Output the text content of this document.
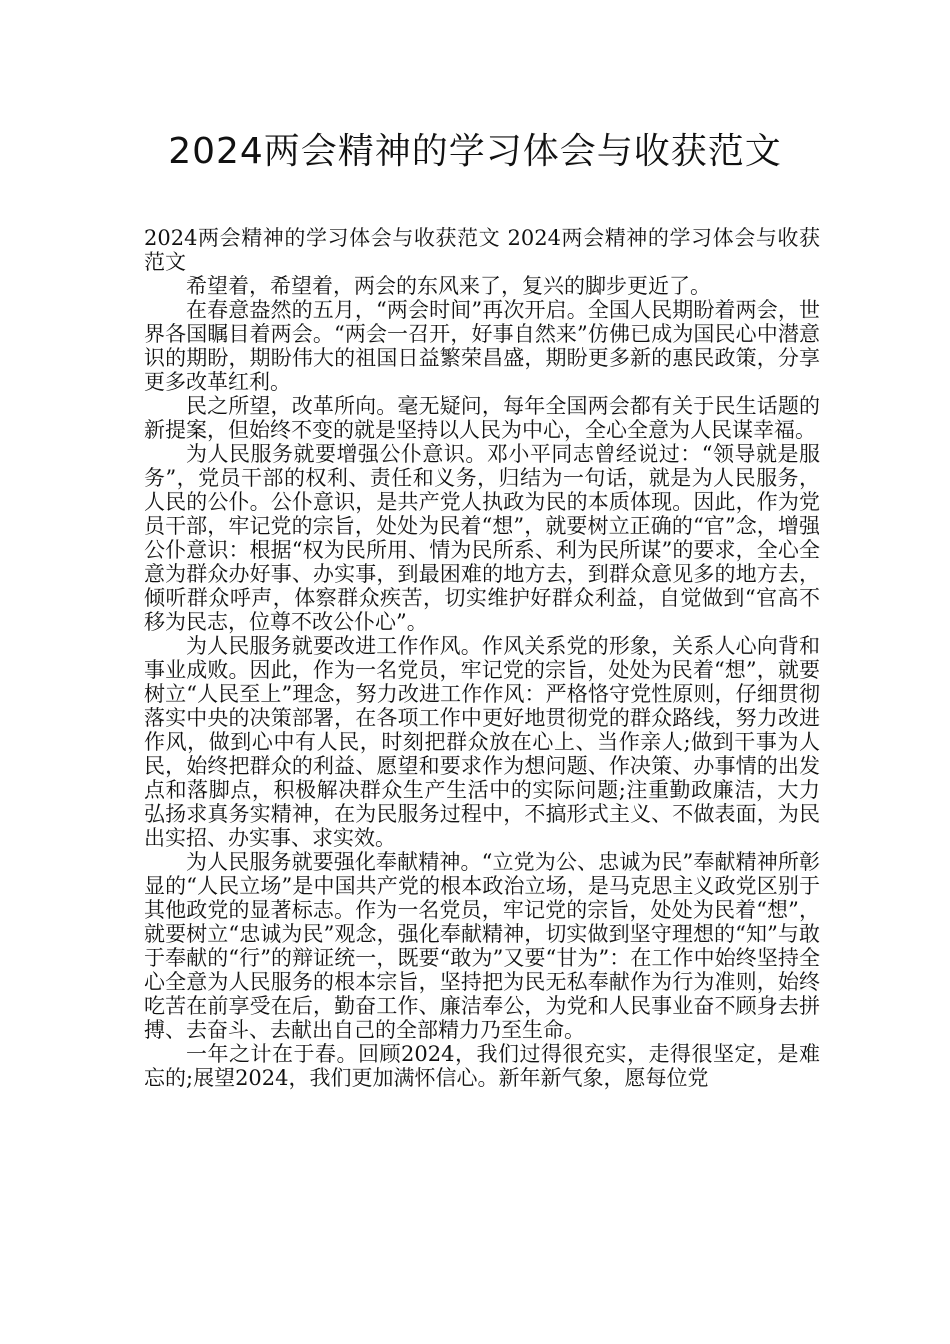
2024两会精神的学习体会与收获范文

2024两会精神的学习体会与收获范文 2024两会精神的学习体会与收获范文

希望着，希望着，两会的东风来了，复兴的脚步更近了。

在春意盎然的五月，“两会时间”再次开启。全国人民期盼着两会，世界各国瞩目着两会。“两会一召开，好事自然来”仿佛已成为国民心中潜意识的期盼，期盼伟大的祖国日益繁荣昌盛，期盼更多新的惠民政策，分享更多改革红利。

民之所望，改革所向。毫无疑问，每年全国两会都有关于民生话题的新提案，但始终不变的就是坚持以人民为中心，全心全意为人民谋幸福。

为人民服务就要增强公仆意识。邓小平同志曾经说过：“领导就是服务”，党员干部的权利、责任和义务，归结为一句话，就是为人民服务，人民的公仆。公仆意识，是共产党人执政为民的本质体现。因此，作为党员干部，牢记党的宗旨，处处为民着“想”，就要树立正确的“官”念，增强公仆意识：根据“权为民所用、情为民所系、利为民所谋”的要求，全心全意为群众办好事、办实事，到最困难的地方去，到群众意见多的地方去，倾听群众呼声，体察群众疾苦，切实维护好群众利益，自觉做到“官高不移为民志，位尊不改公仆心”。

为人民服务就要改进工作作风。作风关系党的形象，关系人心向背和事业成败。因此，作为一名党员，牢记党的宗旨，处处为民着“想”，就要树立“人民至上”理念，努力改进工作作风：严格恪守党性原则，仔细贯彻落实中央的决策部署，在各项工作中更好地贯彻党的群众路线，努力改进作风，做到心中有人民，时刻把群众放在心上、当作亲人;做到干事为人民，始终把群众的利益、愿望和要求作为想问题、作决策、办事情的出发点和落脚点，积极解决群众生产生活中的实际问题;注重勤政廉洁，大力弘扬求真务实精神，在为民服务过程中，不搞形式主义、不做表面，为民出实招、办实事、求实效。

为人民服务就要强化奉献精神。“立党为公、忠诚为民”奉献精神所彰显的“人民立场”是中国共产党的根本政治立场，是马克思主义政党区别于其他政党的显著标志。作为一名党员，牢记党的宗旨，处处为民着“想”，就要树立“忠诚为民”观念，强化奉献精神，切实做到坚守理想的“知”与敢于奉献的“行”的辩证统一，既要“敢为”又要“甘为”：在工作中始终坚持全心全意为人民服务的根本宗旨，坚持把为民无私奉献作为行为准则，始终吃苦在前享受在后，勤奋工作、廉洁奉公，为党和人民事业奋不顾身去拼搏、去奋斗、去献出自己的全部精力乃至生命。

一年之计在于春。回顾2024，我们过得很充实，走得很坚定，是难忘的;展望2024，我们更加满怀信心。新年新气象，愿每位党
